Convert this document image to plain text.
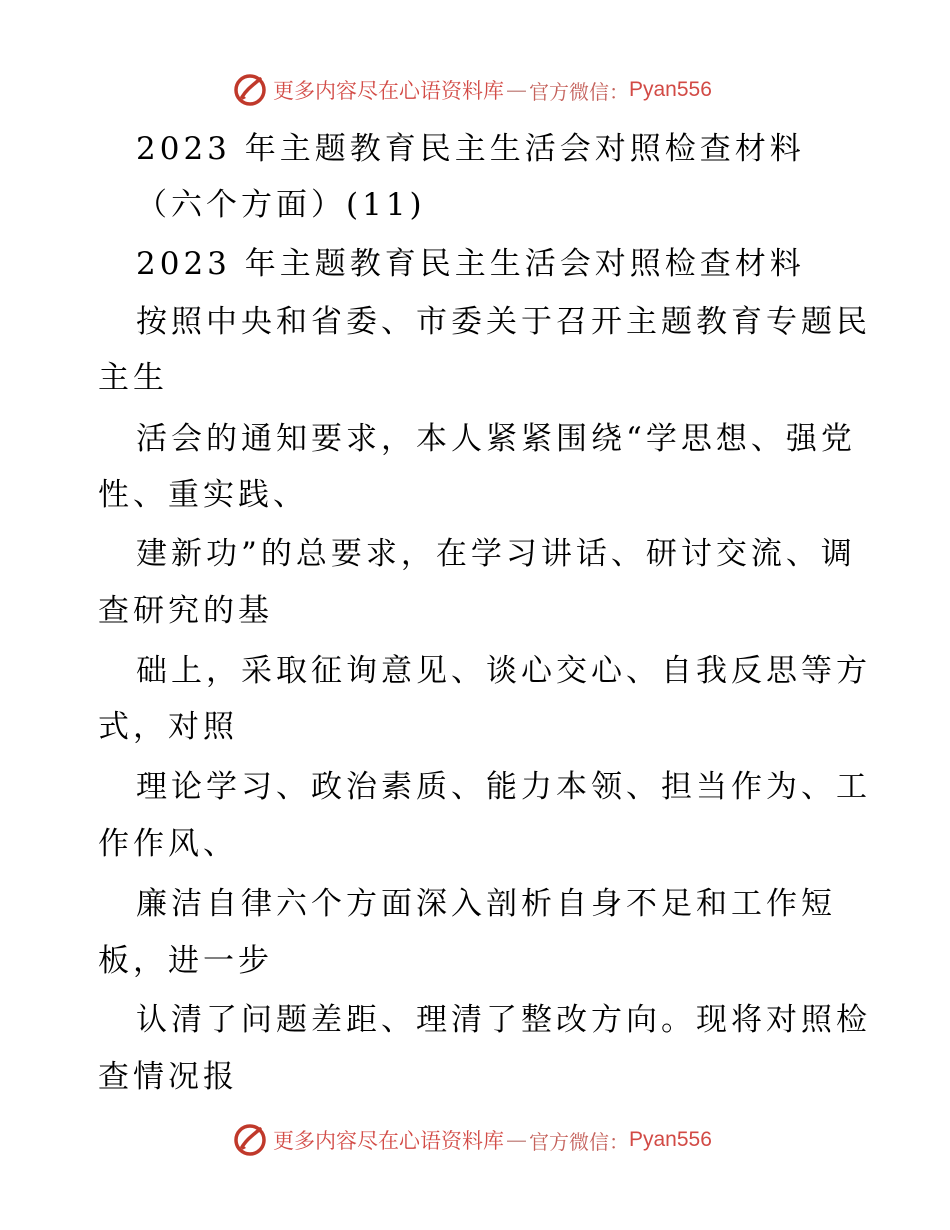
更多内容尽在心语资料库 — 官方微信： Pyan556
2023 年主题教育民主生活会对照检查材料
（六个方面）(11)
2023 年主题教育民主生活会对照检查材料
按照中央和省委、市委关于召开主题教育专题民
主生
活会的通知要求，本人紧紧围绕“学思想、强党
性、重实践、
建新功”的总要求，在学习讲话、研讨交流、调
查研究的基
础上，采取征询意见、谈心交心、自我反思等方
式，对照
理论学习、政治素质、能力本领、担当作为、工
作作风、
廉洁自律六个方面深入剖析自身不足和工作短
板，进一步
认清了问题差距、理清了整改方向。现将对照检
查情况报
更多内容尽在心语资料库 — 官方微信： Pyan556
